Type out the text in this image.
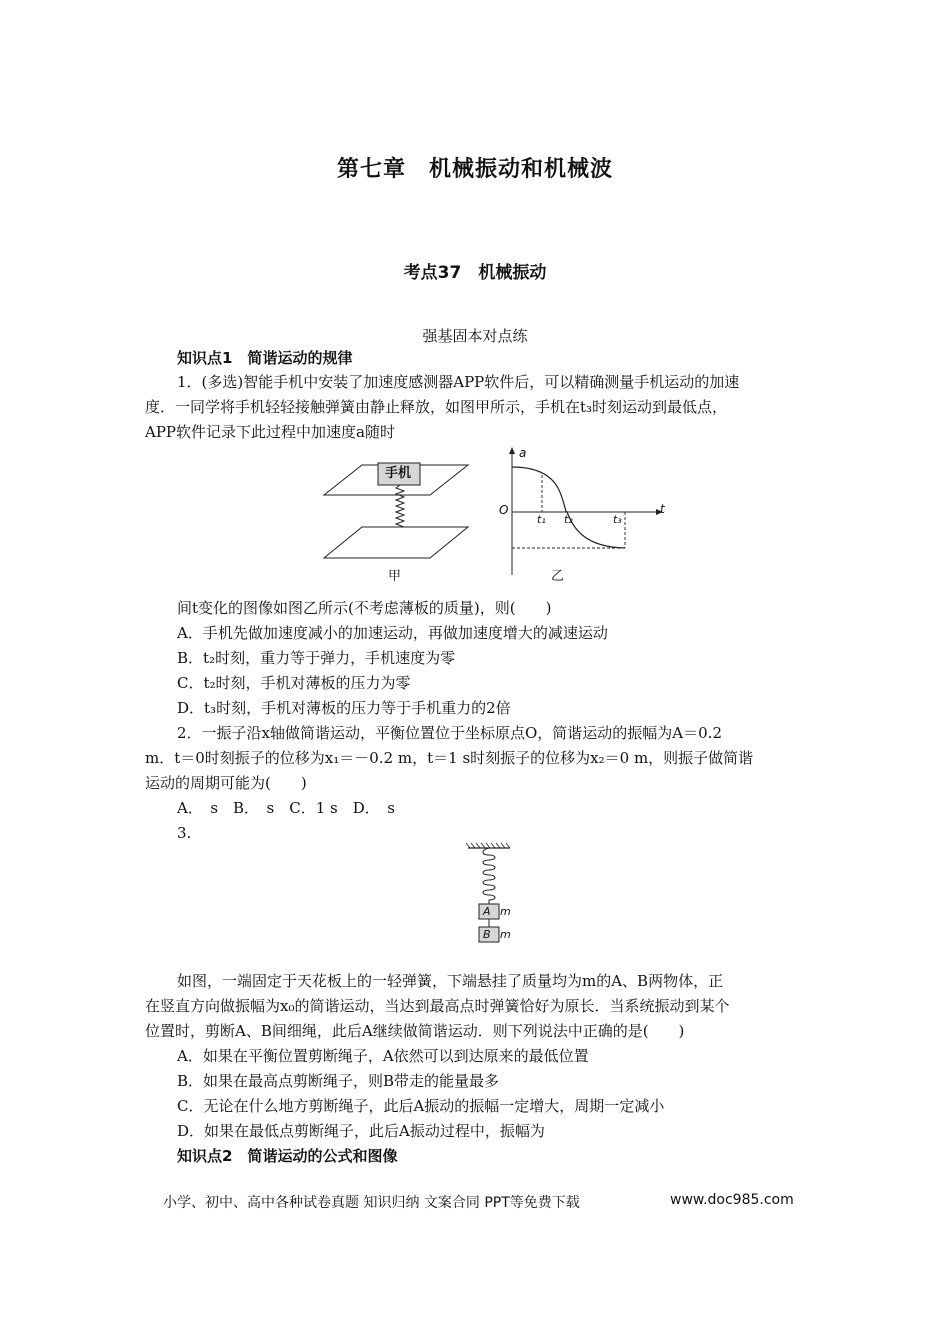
第七章　机械振动和机械波
考点37　机械振动
强基固本对点练
知识点1　简谐运动的规律
1．(多选)智能手机中安装了加速度感测器APP软件后，可以精确测量手机运动的加速
度．一同学将手机轻轻接触弹簧由静止释放，如图甲所示，手机在t₃时刻运动到最低点，
APP软件记录下此过程中加速度a随时
手机
甲
a
t
O
t₁ t₂	t₃
乙
间t变化的图像如图乙所示(不考虑薄板的质量)，则(　　)
A．手机先做加速度减小的加速运动，再做加速度增大的减速运动
B．t₂时刻，重力等于弹力，手机速度为零
C．t₂时刻，手机对薄板的压力为零
D．t₃时刻，手机对薄板的压力等于手机重力的2倍
2．一振子沿x轴做简谐运动，平衡位置位于坐标原点O，简谐运动的振幅为A＝0.2
m．t＝0时刻振子的位移为x₁＝－0.2 m，t＝1 s时刻振子的位移为x₂＝0 m，则振子做简谐
运动的周期可能为(　　)
A．　s　B．　s　C．1 s　D．　s
3.
A m
B m
如图，一端固定于天花板上的一轻弹簧，下端悬挂了质量均为m的A、B两物体，正
在竖直方向做振幅为x₀的简谐运动，当达到最高点时弹簧恰好为原长．当系统振动到某个
位置时，剪断A、B间细绳，此后A继续做简谐运动．则下列说法中正确的是(　　)
A．如果在平衡位置剪断绳子，A依然可以到达原来的最低位置
B．如果在最高点剪断绳子，则B带走的能量最多
C．无论在什么地方剪断绳子，此后A振动的振幅一定增大，周期一定减小
D．如果在最低点剪断绳子，此后A振动过程中，振幅为
知识点2　简谐运动的公式和图像
小学、初中、高中各种试卷真题 知识归纳 文案合同 PPT等免费下载	www.doc985.com
